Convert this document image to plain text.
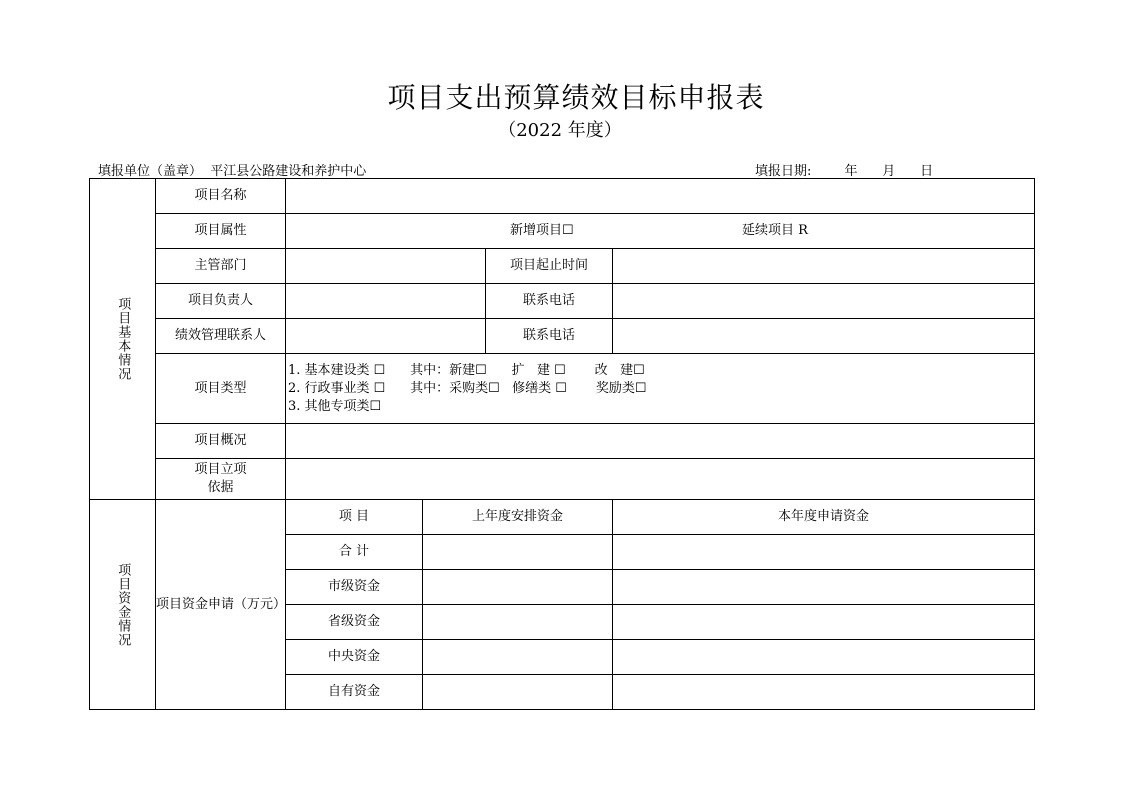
项目支出预算绩效目标申报表
（2022 年度）
填报单位（盖章） 平江县公路建设和养护中心	填报日期:	年 月 日
项目基本情况	项目名称				
	项目属性	新增项目☐ 延续项目 R			

	主管部门			项目起止时间	
	项目负责人			联系电话	
	绩效管理联系人			联系电话	
	项目类型	1. 基本建设类 ☐      其中：新建☐      扩   建 ☐       改   建☐
2. 行政事业类 ☐      其中：采购类☐   修缮类 ☐       奖励类☐
3. 其他专项类☐			

	项目概况				

	项目立项
依据				

项目资金情况	项目资金申请（万元）	项 目	上年度安排资金		本年度申请资金
		合 计			
		市级资金			
		省级资金			
		中央资金			
		自有资金			
